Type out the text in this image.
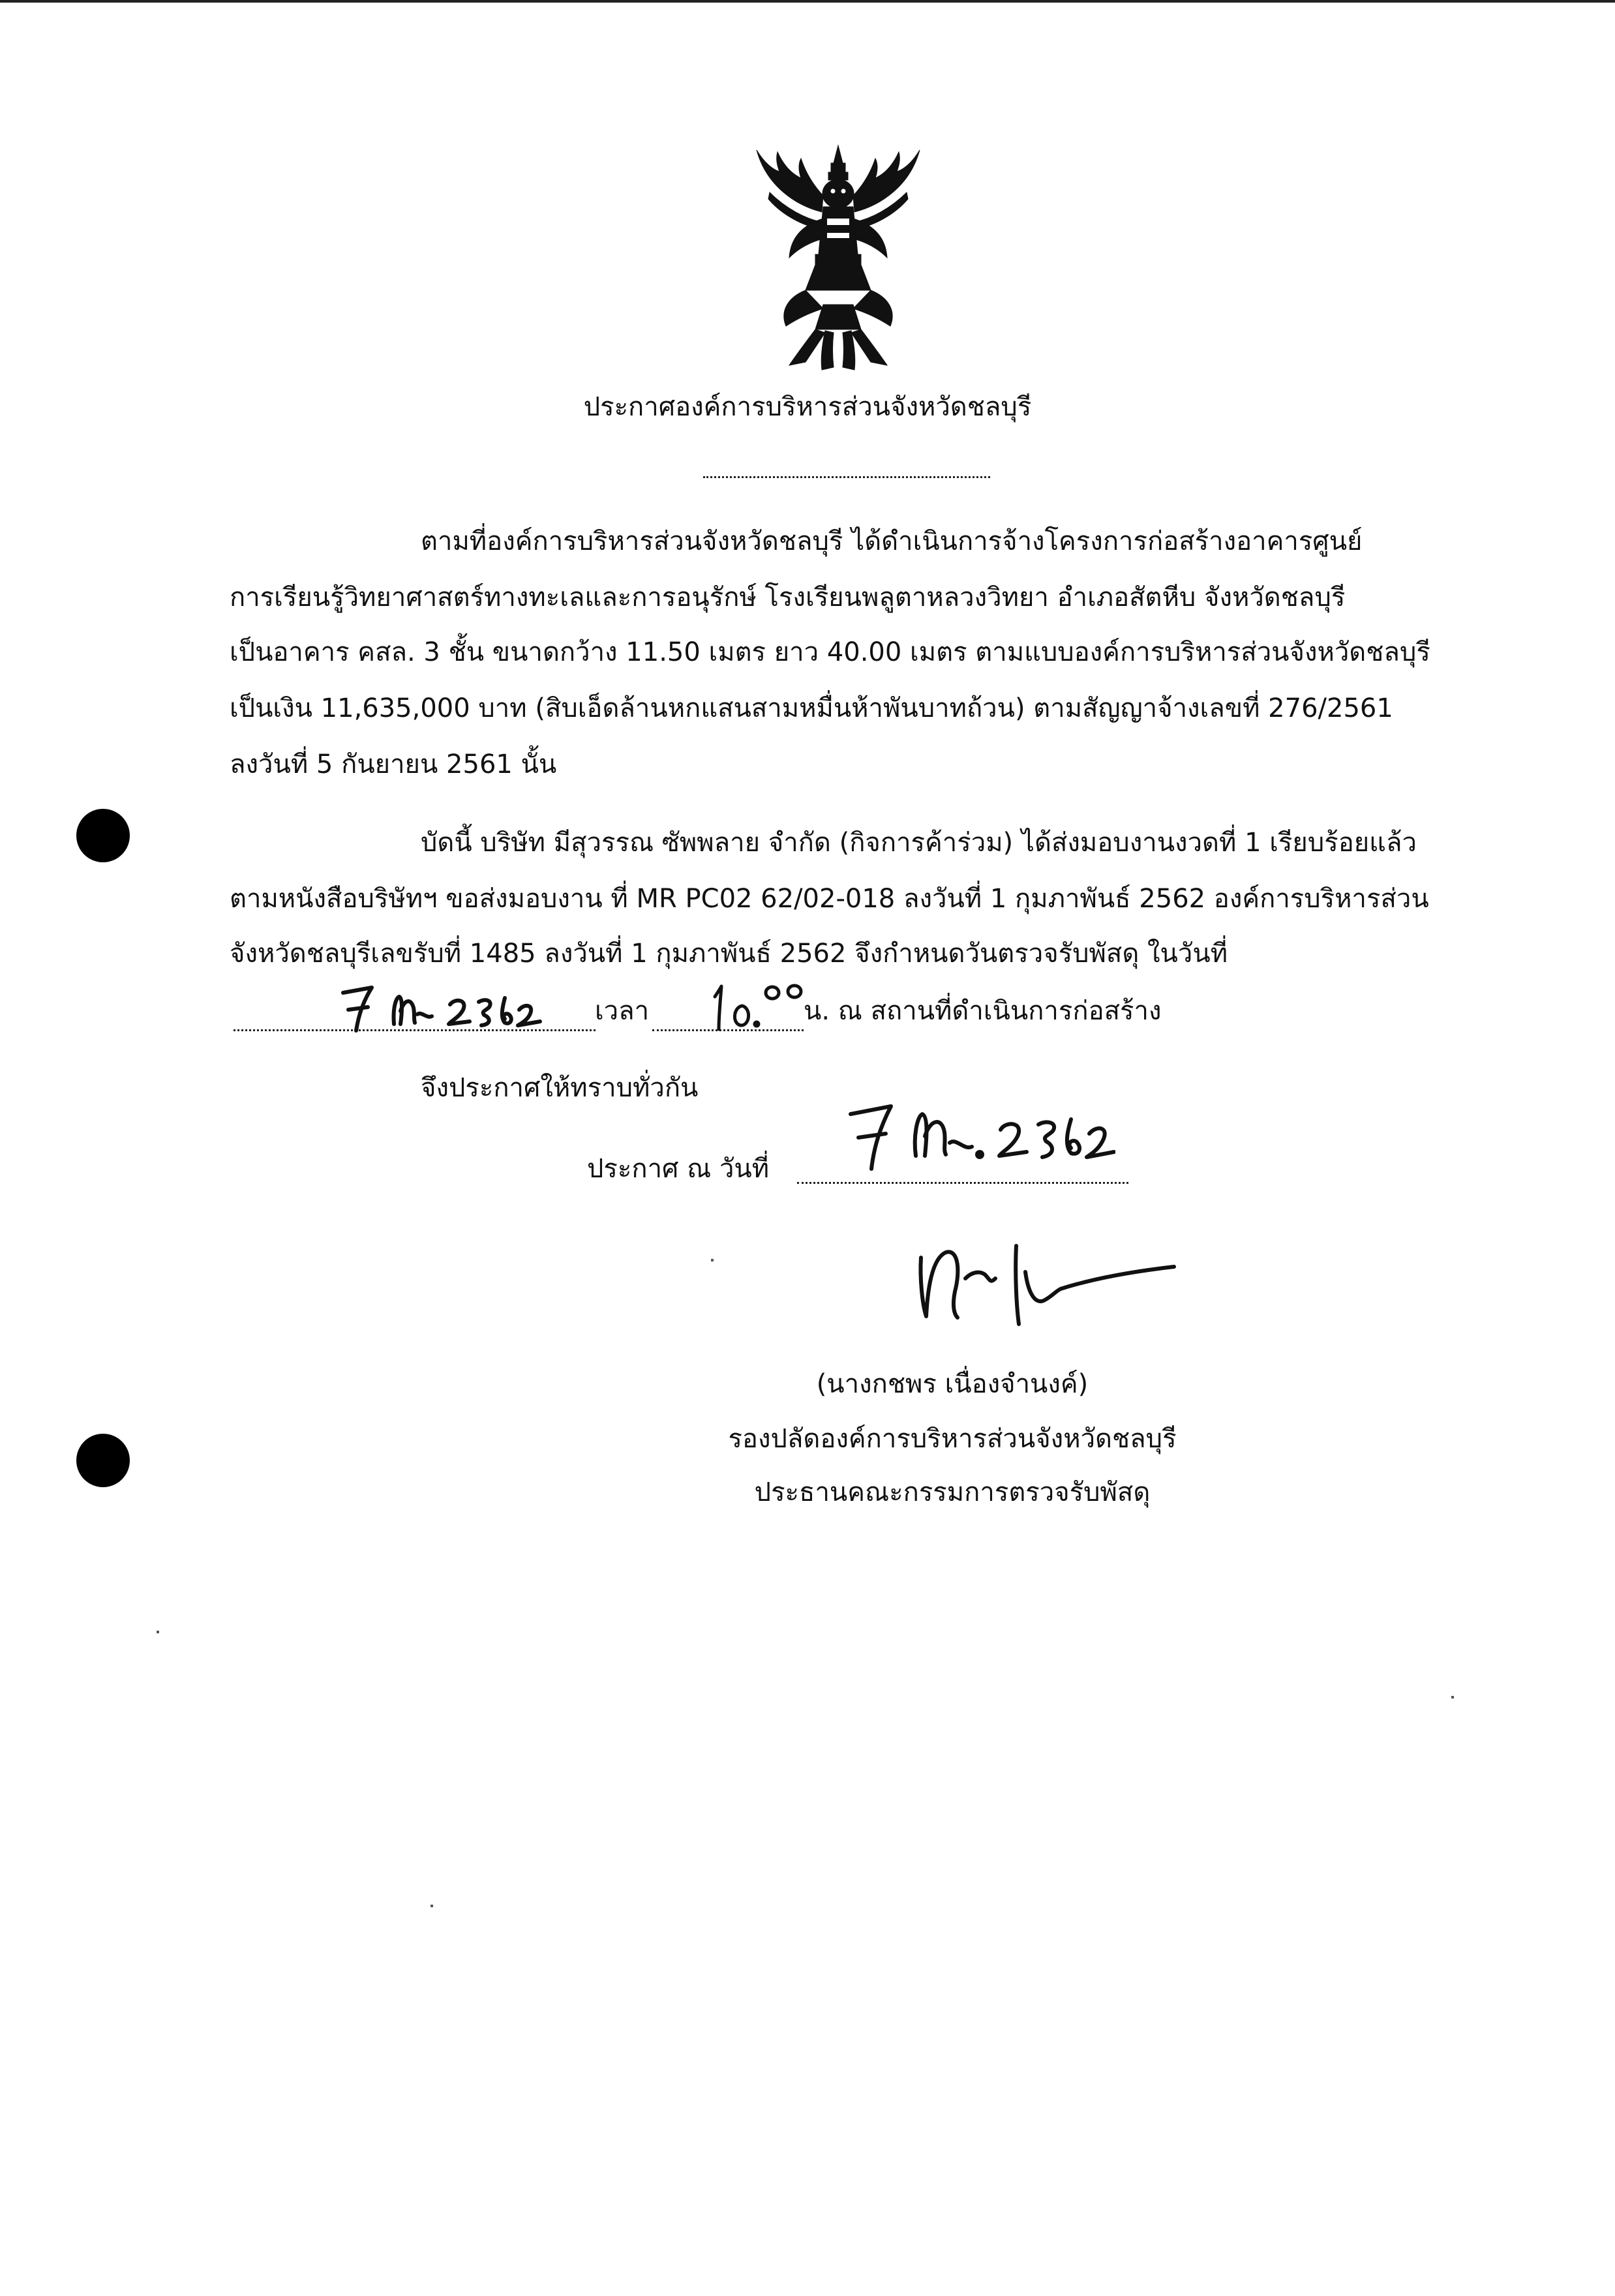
ประกาศองค์การบริหารส่วนจังหวัดชลบุรี
ตามที่องค์การบริหารส่วนจังหวัดชลบุรี ได้ดำเนินการจ้างโครงการก่อสร้างอาคารศูนย์
การเรียนรู้วิทยาศาสตร์ทางทะเลและการอนุรักษ์ โรงเรียนพลูตาหลวงวิทยา อำเภอสัตหีบ จังหวัดชลบุรี
เป็นอาคาร คสล. 3 ชั้น ขนาดกว้าง 11.50 เมตร ยาว 40.00 เมตร ตามแบบองค์การบริหารส่วนจังหวัดชลบุรี
เป็นเงิน 11,635,000 บาท (สิบเอ็ดล้านหกแสนสามหมื่นห้าพันบาทถ้วน) ตามสัญญาจ้างเลขที่ 276/2561
ลงวันที่ 5 กันยายน 2561 นั้น
บัดนี้ บริษัท มีสุวรรณ ซัพพลาย จำกัด (กิจการค้าร่วม) ได้ส่งมอบงานงวดที่ 1 เรียบร้อยแล้ว
ตามหนังสือบริษัทฯ ขอส่งมอบงาน ที่ MR PC02 62/02-018 ลงวันที่ 1 กุมภาพันธ์ 2562 องค์การบริหารส่วน
จังหวัดชลบุรีเลขรับที่ 1485 ลงวันที่ 1 กุมภาพันธ์ 2562 จึงกำหนดวันตรวจรับพัสดุ ในวันที่
เวลา	น. ณ สถานที่ดำเนินการก่อสร้าง
จึงประกาศให้ทราบทั่วกัน
ประกาศ ณ วันที่
(นางกชพร เนื่องจำนงค์)
รองปลัดองค์การบริหารส่วนจังหวัดชลบุรี
ประธานคณะกรรมการตรวจรับพัสดุ
